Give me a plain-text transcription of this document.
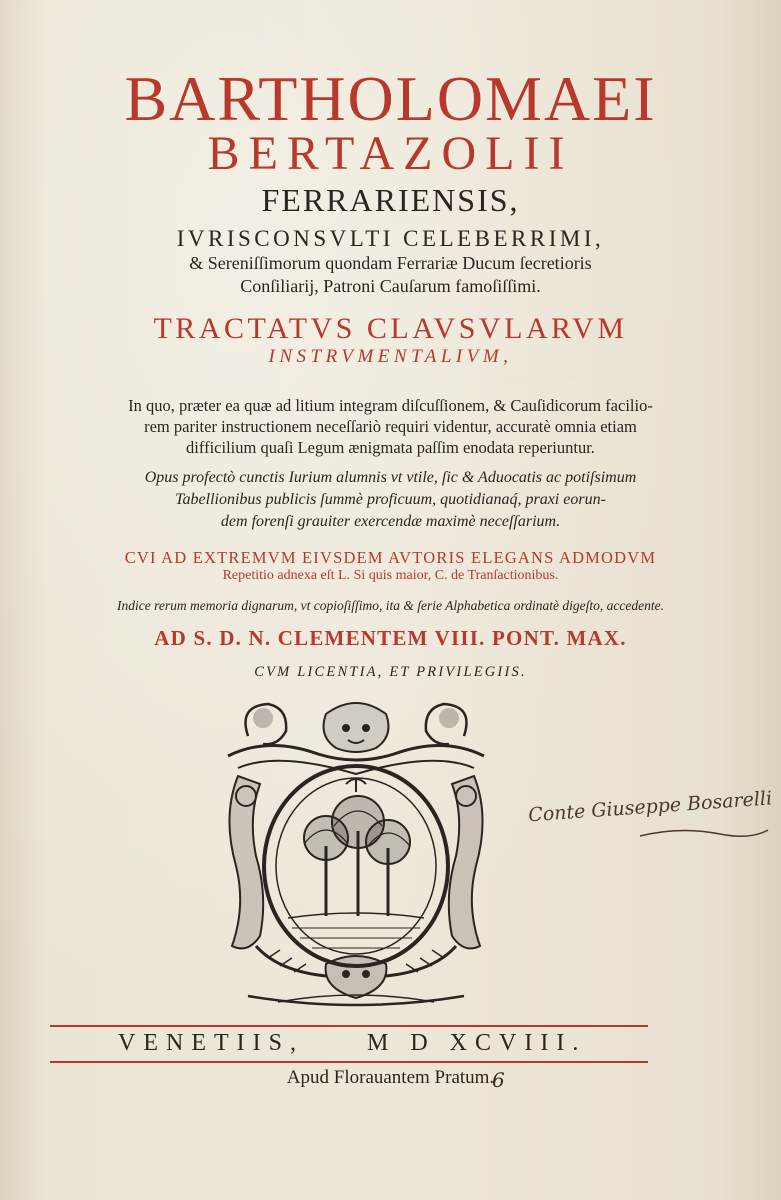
· · · · · · · · · · · · · · · · · ·
BARTHOLOMAEI
BERTAZOLII
FERRARIENSIS,
IVRISCONSVLTI CELEBERRIMI,
& Sereniſſimorum quondam Ferrariæ Ducum ſecretioris
Conſiliarij, Patroni Cauſarum famoſiſſimi.
TRACTATVS CLAVSVLARVM
INSTRVMENTALIVM,
In quo, præter ea quæ ad litium integram diſcuſſionem, & Cauſidicorum facilio-
rem pariter instructionem neceſſariò requiri videntur, accuratè omnia etiam
difficilium quaſi Legum ænigmata paſſim enodata reperiuntur.
Opus profectò cunctis Iurium alumnis vt vtile, ſic & Aduocatis ac potiſsimum
Tabellionibus publicis ſummè proficuum, quotidianaq́, praxi eorun-
dem forenſi grauiter exercendæ maximè neceſſarium.
CVI AD EXTREMVM EIVSDEM AVTORIS ELEGANS ADMODVM
Repetitio adnexa eſt L. Si quis maior, C. de Tranſactionibus.
Indice rerum memoria dignarum, vt copioſiſſimo, ita & ſerie Alphabetica ordinatè digeſto, accedente.
AD S. D. N. CLEMENTEM VIII. PONT. MAX.
CVM LICENTIA, ET PRIVILEGIIS.
Conte Giuseppe Bosarelli
VENETIIS,	M D XCVIII.
Apud Florauantem Pratum.
6
